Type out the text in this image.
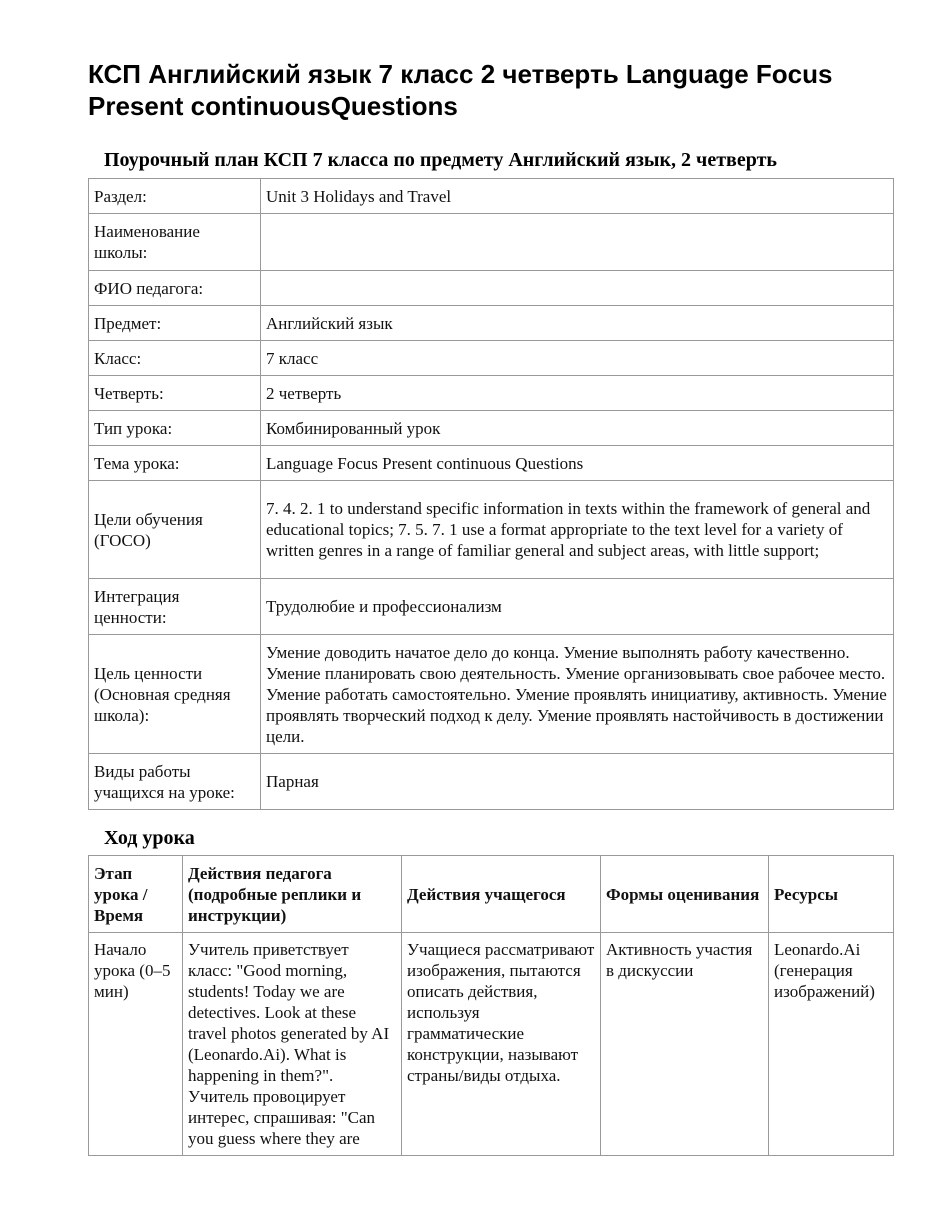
КСП Английский язык 7 класс 2 четверть Language Focus Present continuousQuestions
Поурочный план КСП 7 класса по предмету Английский язык, 2 четверть
Раздел:	Unit 3 Holidays and Travel
Наименование школы:	
ФИО педагога:	
Предмет:	Английский язык
Класс:	7 класс
Четверть:	2 четверть
Тип урока:	Комбинированный урок
Тема урока:	Language Focus Present continuous Questions
Цели обучения (ГОСО)	7. 4. 2. 1 to understand specific information in texts within the framework of general and educational topics; 7. 5. 7. 1 use a format appropriate to the text level for a variety of written genres in a range of familiar general and subject areas, with little support;
Интеграция ценности:	Трудолюбие и профессионализм
Цель ценности (Основная средняя школа):	Умение доводить начатое дело до конца. Умение выполнять работу качественно. Умение планировать свою деятельность. Умение организовывать свое рабочее место. Умение работать самостоятельно. Умение проявлять инициативу, активность. Умение проявлять творческий подход к делу. Умение проявлять настойчивость в достижении цели.
Виды работы учащихся на уроке:	Парная
Ход урока
Этап урока / Время	Действия педагога (подробные реплики и инструкции)	Действия учащегося	Формы оценивания	Ресурсы

Начало урока (0–5 мин)	Учитель приветствует класс: "Good morning, students! Today we are detectives. Look at these travel photos generated by AI (Leonardo.Ai). What is happening in them?". Учитель провоцирует интерес, спрашивая: "Can you guess where they are	Учащиеся рассматривают изображения, пытаются описать действия, используя грамматические конструкции, называют страны/виды отдыха.	Активность участия в дискуссии	Leonardo.Ai (генерация изображений)
